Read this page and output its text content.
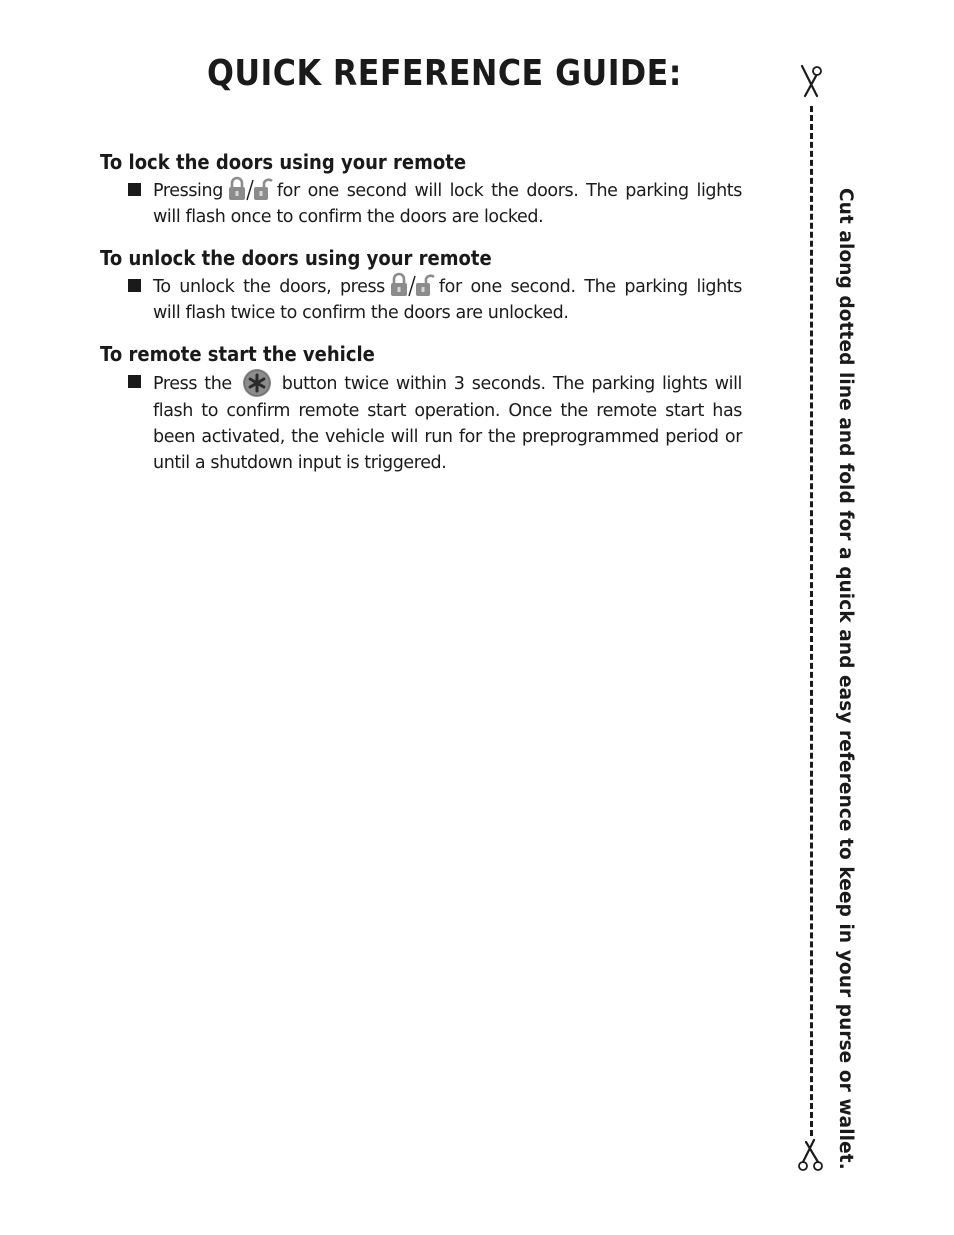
QUICK REFERENCE GUIDE:
To lock the doors using your remote

Pressing	for one second will lock the doors. The parking lights will flash once to confirm the doors are locked.

To unlock the doors using your remote

To unlock the doors, press	for one second. The parking lights will flash twice to confirm the doors are unlocked.

To remote start the vehicle

Press the	button twice within 3 seconds. The parking lights will flash to confirm remote start operation. Once the remote start has been activated, the vehicle will run for the preprogrammed period or until a shutdown input is triggered.	Cut along dotted line and fold for a quick and easy reference to keep in your purse or wallet.
